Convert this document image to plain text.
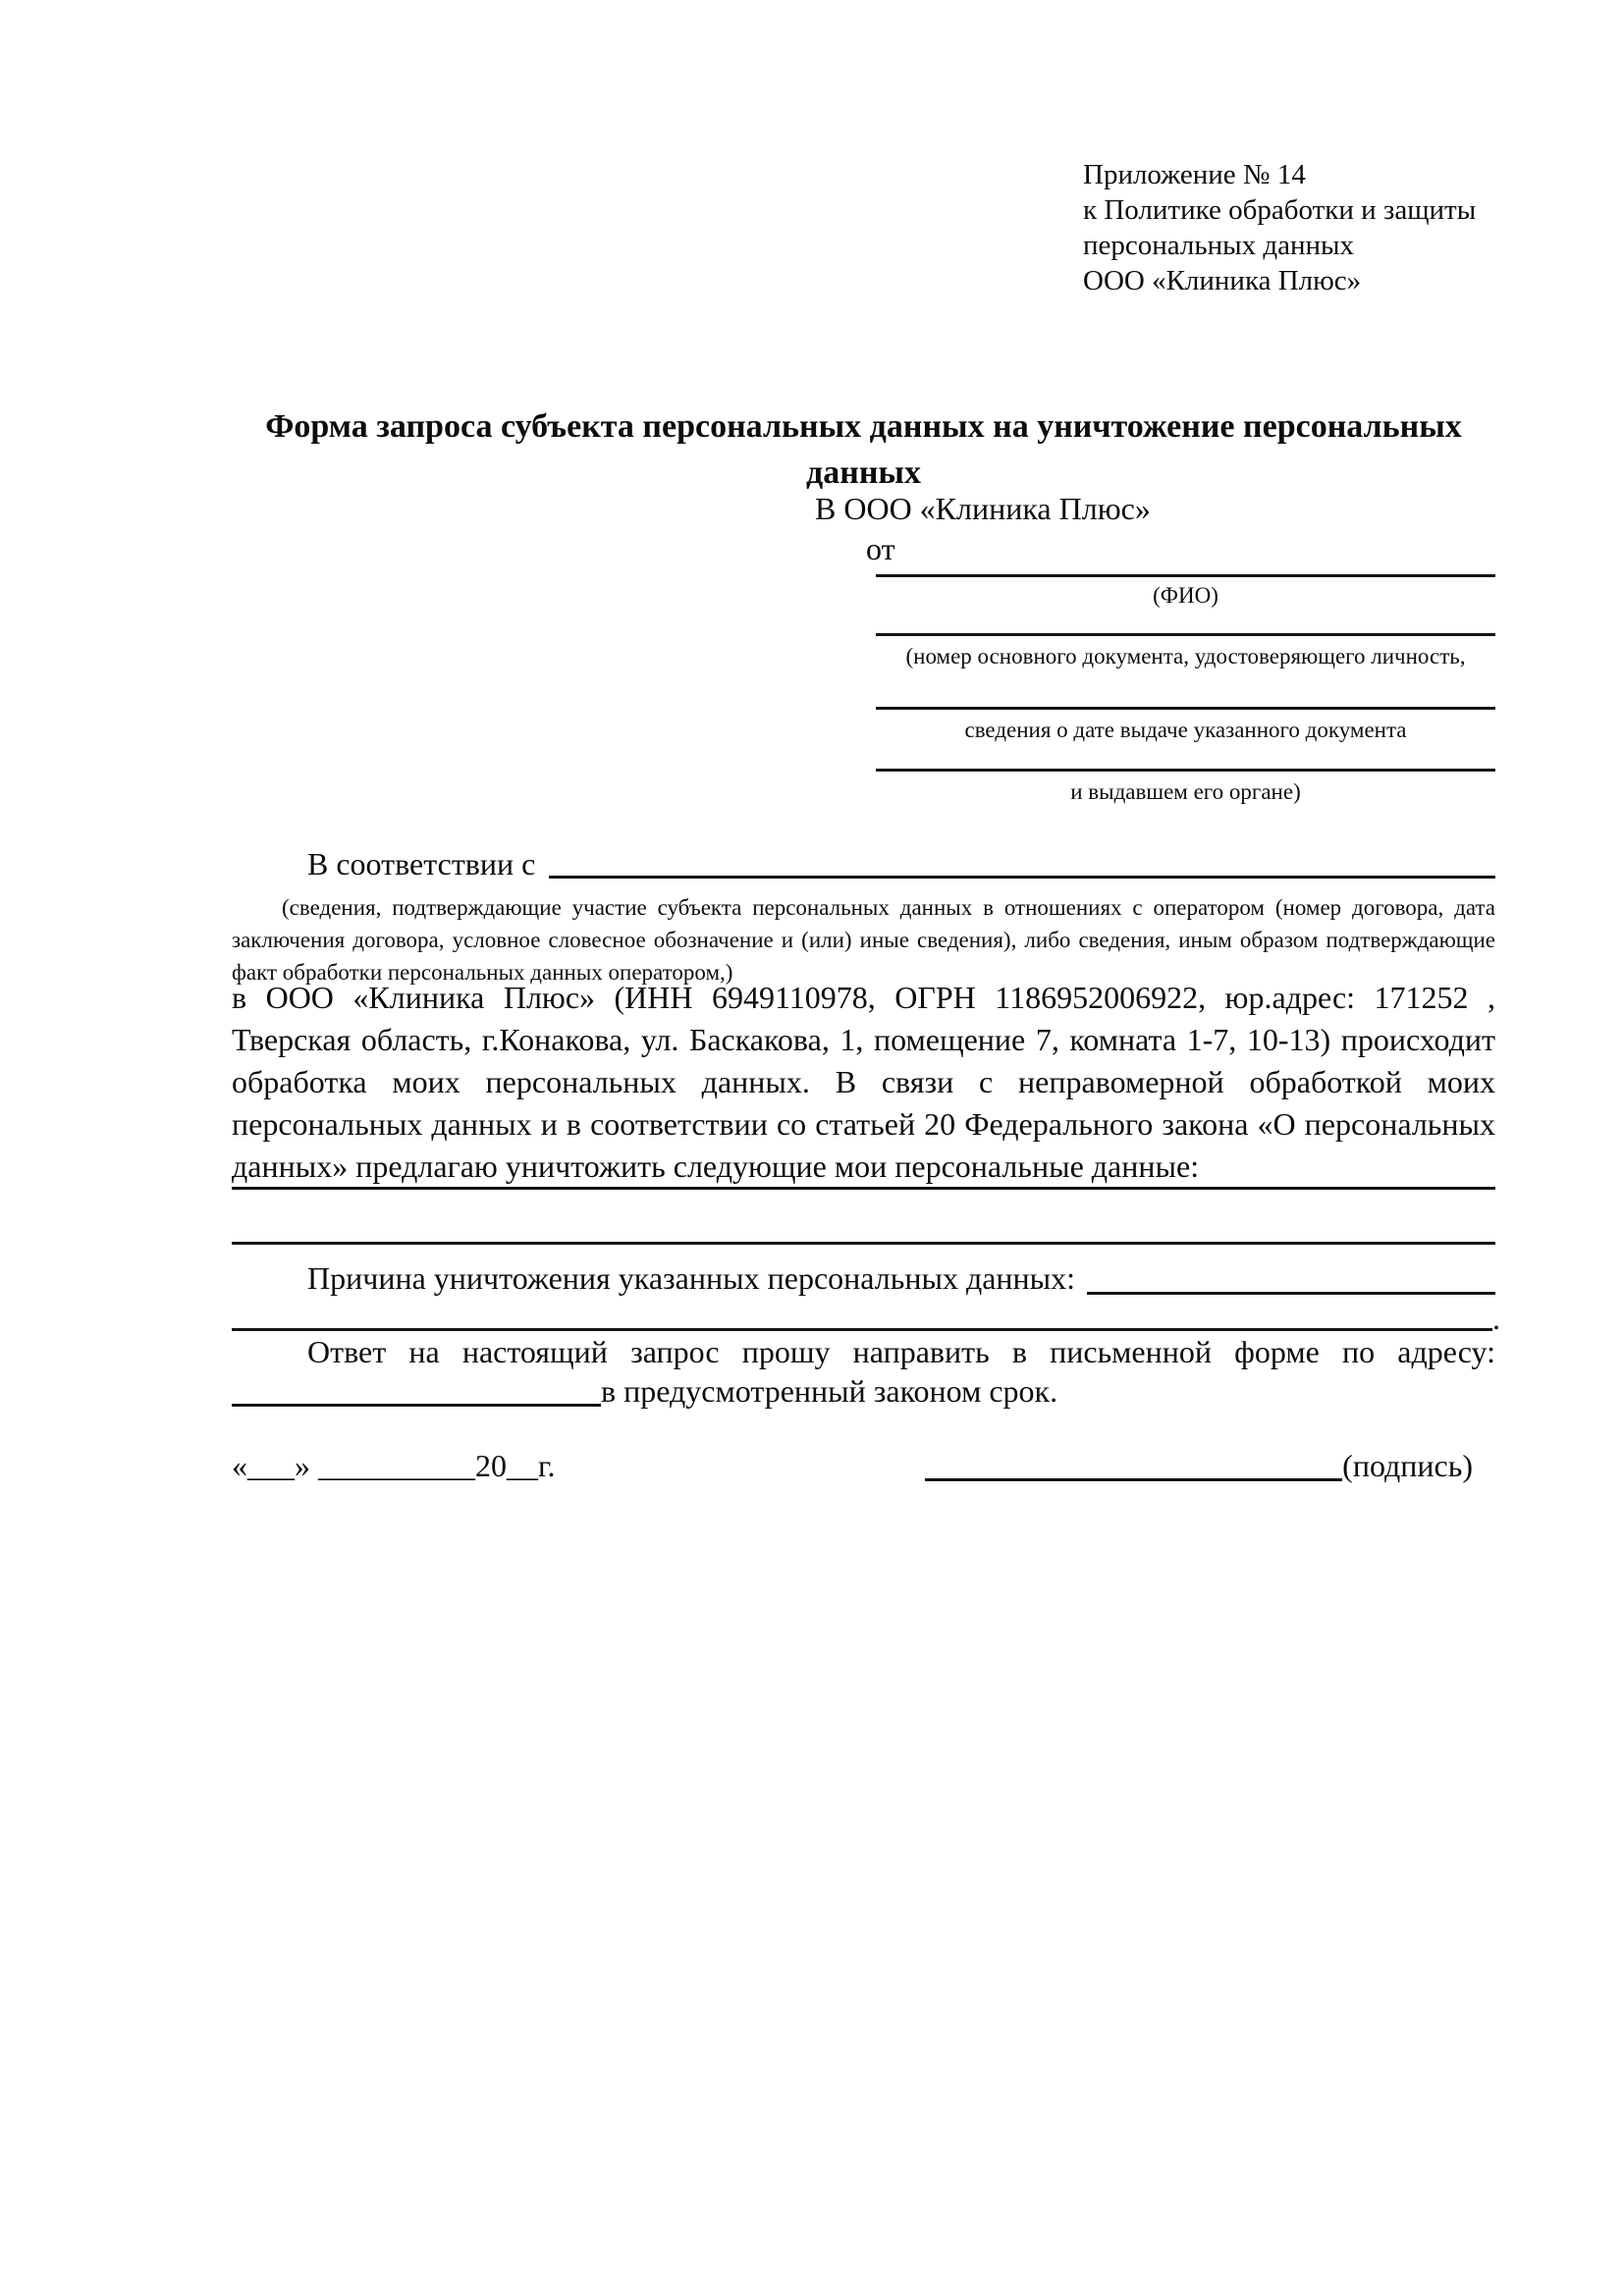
Приложение № 14
к Политике обработки и защиты
персональных данных
ООО «Клиника Плюс»
Форма запроса субъекта персональных данных на уничтожение персональных данных
В ООО «Клиника Плюс»
от
(ФИО)
(номер основного документа, удостоверяющего личность,
сведения о дате выдаче указанного документа
и выдавшем его органе)
В соответствии с
(сведения, подтверждающие участие субъекта персональных данных в отношениях с оператором (номер договора, дата заключения договора, условное словесное обозначение и (или) иные сведения), либо сведения, иным образом подтверждающие факт обработки персональных данных оператором,)
в ООО «Клиника Плюс» (ИНН 6949110978, ОГРН 1186952006922, юр.адрес: 171252 , Тверская область, г.Конакова, ул. Баскакова, 1, помещение 7, комната 1-7, 10-13) происходит обработка моих персональных данных. В связи с неправомерной обработкой моих персональных данных и в соответствии со статьей 20 Федерального закона «О персональных данных» предлагаю уничтожить следующие мои персональные данные:
Причина уничтожения указанных персональных данных:
.
Ответ на настоящий запрос прошу направить в письменной форме по адресу:
в предусмотренный законом срок.
«___» __________20__г.	(подпись)
